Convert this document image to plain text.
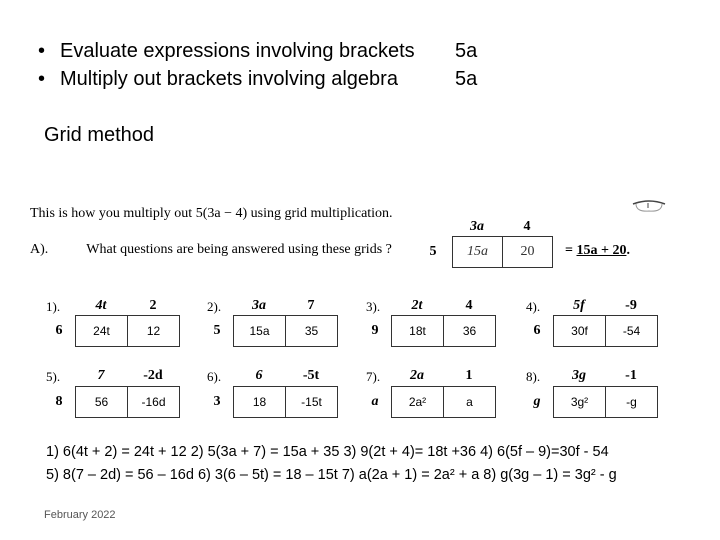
• Evaluate expressions involving brackets 5a
• Multiply out brackets involving algebra	5a
Grid method
This is how you multiply out 5(3a − 4) using grid multiplication.
A).	What questions are being answered using these grids ?
3a	4
5	15a	20	= 15a + 20.
1).	4t	2
6	24t	12
2).	3a	7
5	15a	35
3).	2t	4
9	18t	36
4).	5f	-9
6	30f	-54
5).	7	-2d
8	56	-16d
6).	6	-5t
3	18	-15t
7).	2a	1
a	2a²	a
8).	3g	-1
g	3g²	-g
1) 6(4t + 2) = 24t + 12 2) 5(3a + 7) = 15a + 35 3) 9(2t + 4)= 18t +36 4) 6(5f – 9)=30f - 54
5) 8(7 – 2d) = 56 – 16d 6) 3(6 – 5t) = 18 – 15t 7) a(2a + 1) = 2a² + a 8) g(3g – 1) = 3g² - g
February 2022
